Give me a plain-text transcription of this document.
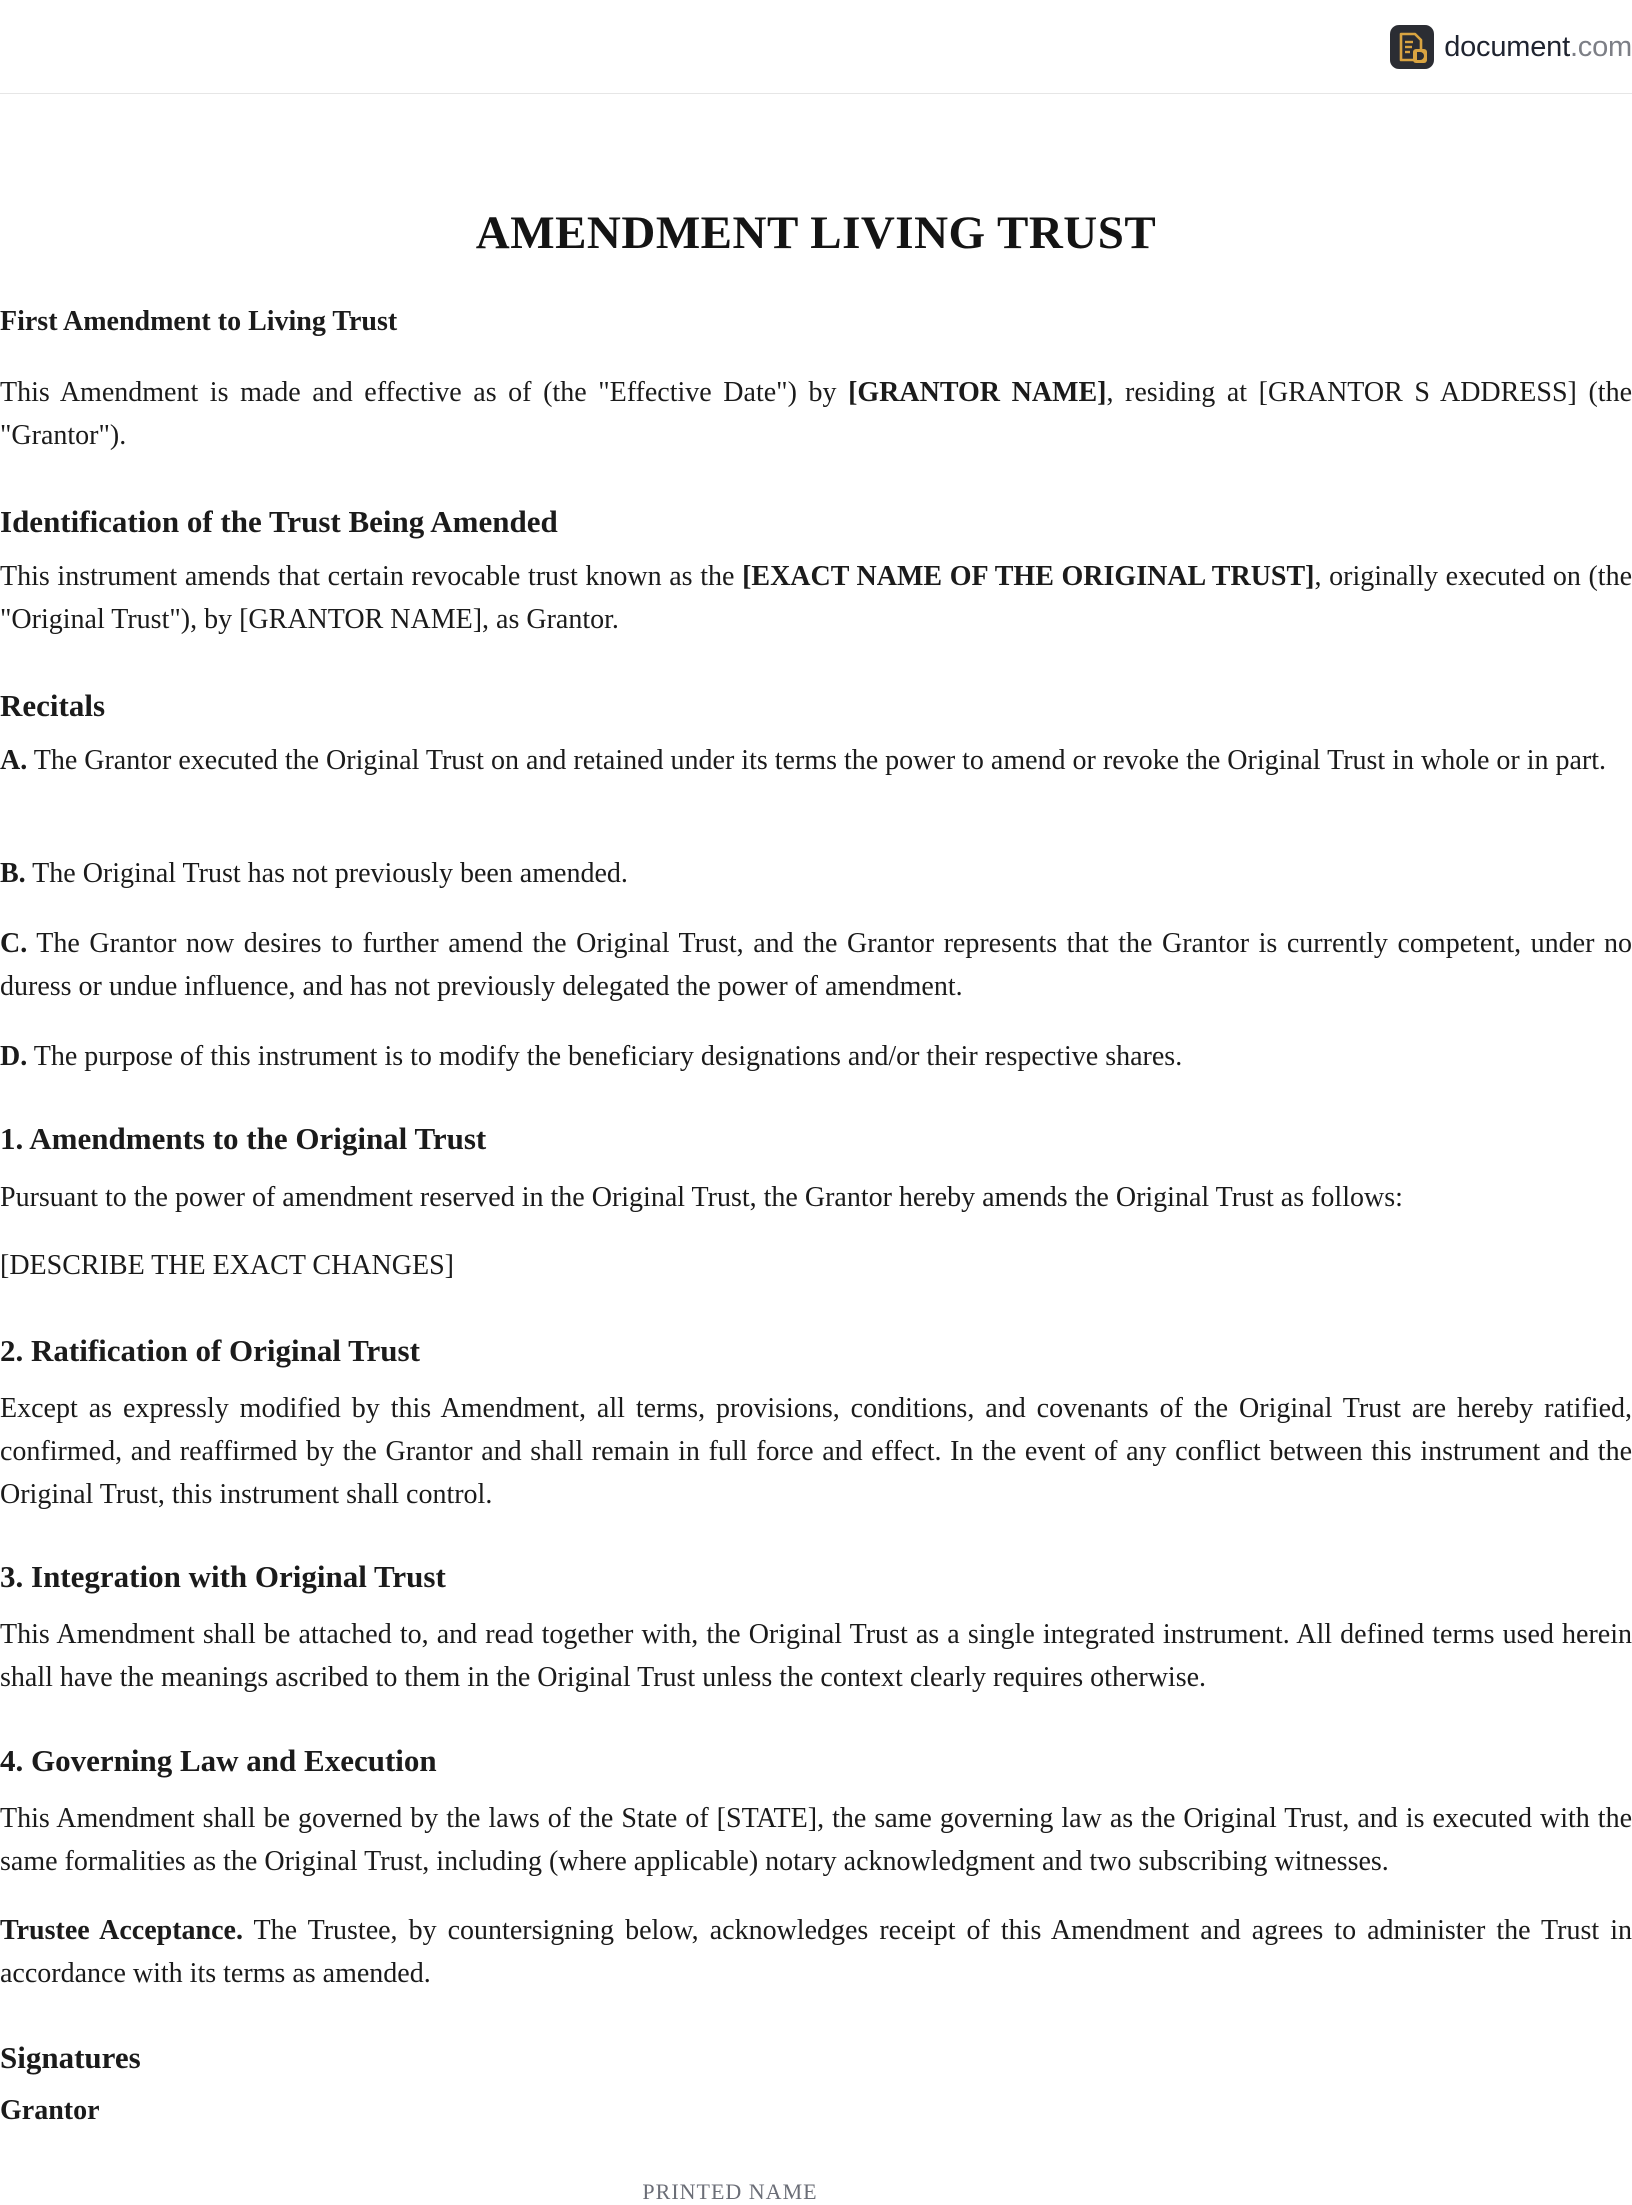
document.com
AMENDMENT LIVING TRUST

First Amendment to Living Trust

This Amendment is made and effective as of (the "Effective Date") by [GRANTOR NAME], residing at [GRANTOR S ADDRESS] (the "Grantor").

Identification of the Trust Being Amended

This instrument amends that certain revocable trust known as the [EXACT NAME OF THE ORIGINAL TRUST], originally executed on (the "Original Trust"), by [GRANTOR NAME], as Grantor.

Recitals

A. The Grantor executed the Original Trust on and retained under its terms the power to amend or revoke the Original Trust in whole or in part.

B. The Original Trust has not previously been amended.

C. The Grantor now desires to further amend the Original Trust, and the Grantor represents that the Grantor is currently competent, under no duress or undue influence, and has not previously delegated the power of amendment.

D. The purpose of this instrument is to modify the beneficiary designations and/or their respective shares.

1. Amendments to the Original Trust

Pursuant to the power of amendment reserved in the Original Trust, the Grantor hereby amends the Original Trust as follows:

[DESCRIBE THE EXACT CHANGES]

2. Ratification of Original Trust

Except as expressly modified by this Amendment, all terms, provisions, conditions, and covenants of the Original Trust are hereby ratified, confirmed, and reaffirmed by the Grantor and shall remain in full force and effect. In the event of any conflict between this instrument and the Original Trust, this instrument shall control.

3. Integration with Original Trust

This Amendment shall be attached to, and read together with, the Original Trust as a single integrated instrument. All defined terms used herein shall have the meanings ascribed to them in the Original Trust unless the context clearly requires otherwise.

4. Governing Law and Execution

This Amendment shall be governed by the laws of the State of [STATE], the same governing law as the Original Trust, and is executed with the same formalities as the Original Trust, including (where applicable) notary acknowledgment and two subscribing witnesses.

Trustee Acceptance. The Trustee, by countersigning below, acknowledges receipt of this Amendment and agrees to administer the Trust in accordance with its terms as amended.

Signatures

Grantor

PRINTED NAME
